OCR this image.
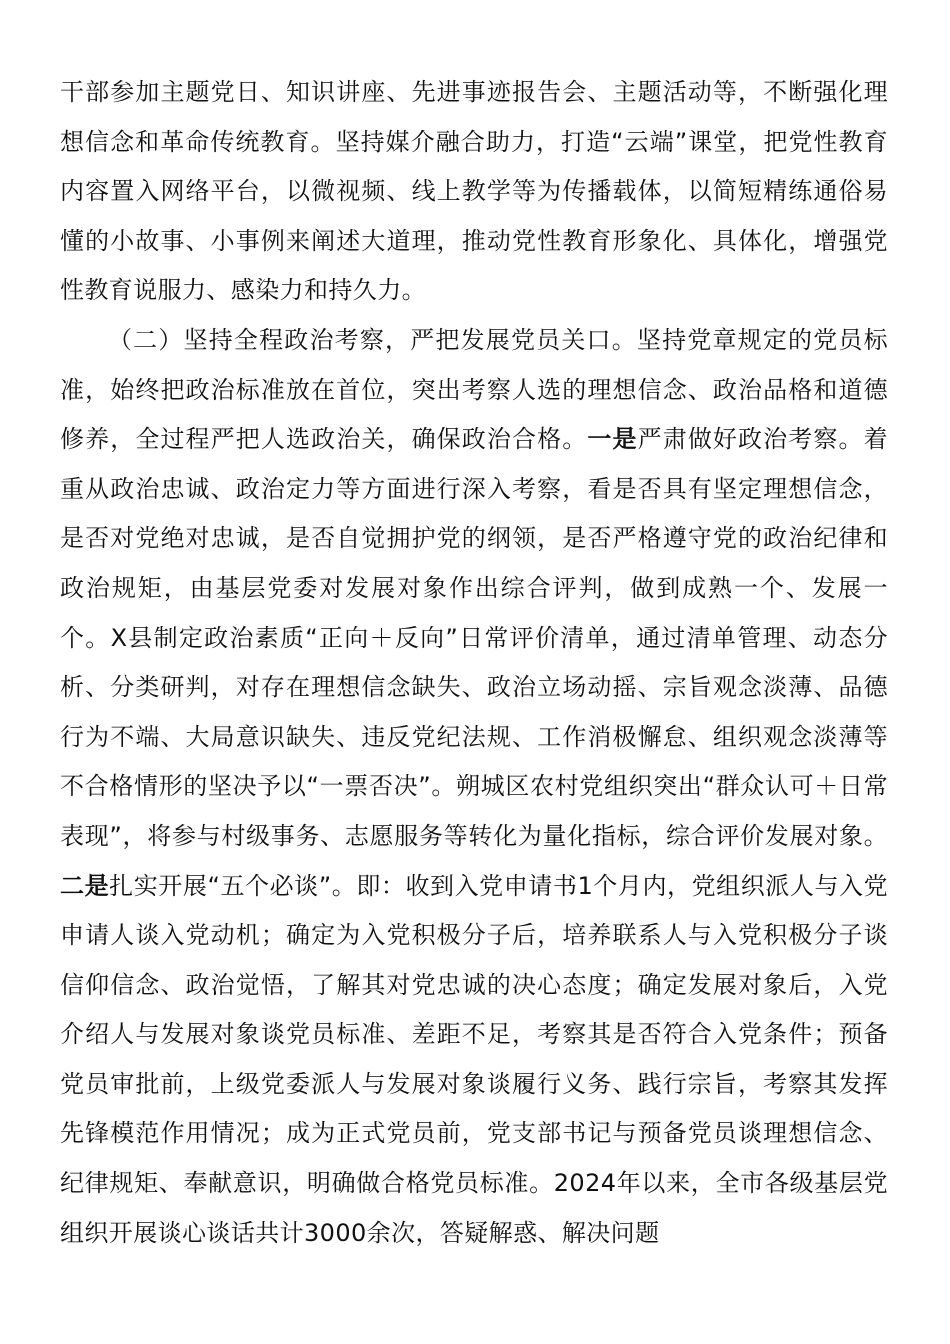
干部参加主题党日、知识讲座、先进事迹报告会、主题活动等，不断强化理想信念和革命传统教育。坚持媒介融合助力，打造“云端”课堂，把党性教育内容置入网络平台，以微视频、线上教学等为传播载体，以简短精练通俗易懂的小故事、小事例来阐述大道理，推动党性教育形象化、具体化，增强党性教育说服力、感染力和持久力。

（二）坚持全程政治考察，严把发展党员关口。坚持党章规定的党员标准，始终把政治标准放在首位，突出考察人选的理想信念、政治品格和道德修养，全过程严把人选政治关，确保政治合格。一是严肃做好政治考察。着重从政治忠诚、政治定力等方面进行深入考察，看是否具有坚定理想信念，是否对党绝对忠诚，是否自觉拥护党的纲领，是否严格遵守党的政治纪律和政治规矩，由基层党委对发展对象作出综合评判，做到成熟一个、发展一个。X县制定政治素质“正向＋反向”日常评价清单，通过清单管理、动态分析、分类研判，对存在理想信念缺失、政治立场动摇、宗旨观念淡薄、品德行为不端、大局意识缺失、违反党纪法规、工作消极懈怠、组织观念淡薄等不合格情形的坚决予以“一票否决”。朔城区农村党组织突出“群众认可＋日常表现”，将参与村级事务、志愿服务等转化为量化指标，综合评价发展对象。二是扎实开展“五个必谈”。即：收到入党申请书1个月内，党组织派人与入党申请人谈入党动机；确定为入党积极分子后，培养联系人与入党积极分子谈信仰信念、政治觉悟，了解其对党忠诚的决心态度；确定发展对象后，入党介绍人与发展对象谈党员标准、差距不足，考察其是否符合入党条件；预备党员审批前，上级党委派人与发展对象谈履行义务、践行宗旨，考察其发挥先锋模范作用情况；成为正式党员前，党支部书记与预备党员谈理想信念、纪律规矩、奉献意识，明确做合格党员标准。2024年以来，全市各级基层党组织开展谈心谈话共计3000余次，答疑解惑、解决问题
